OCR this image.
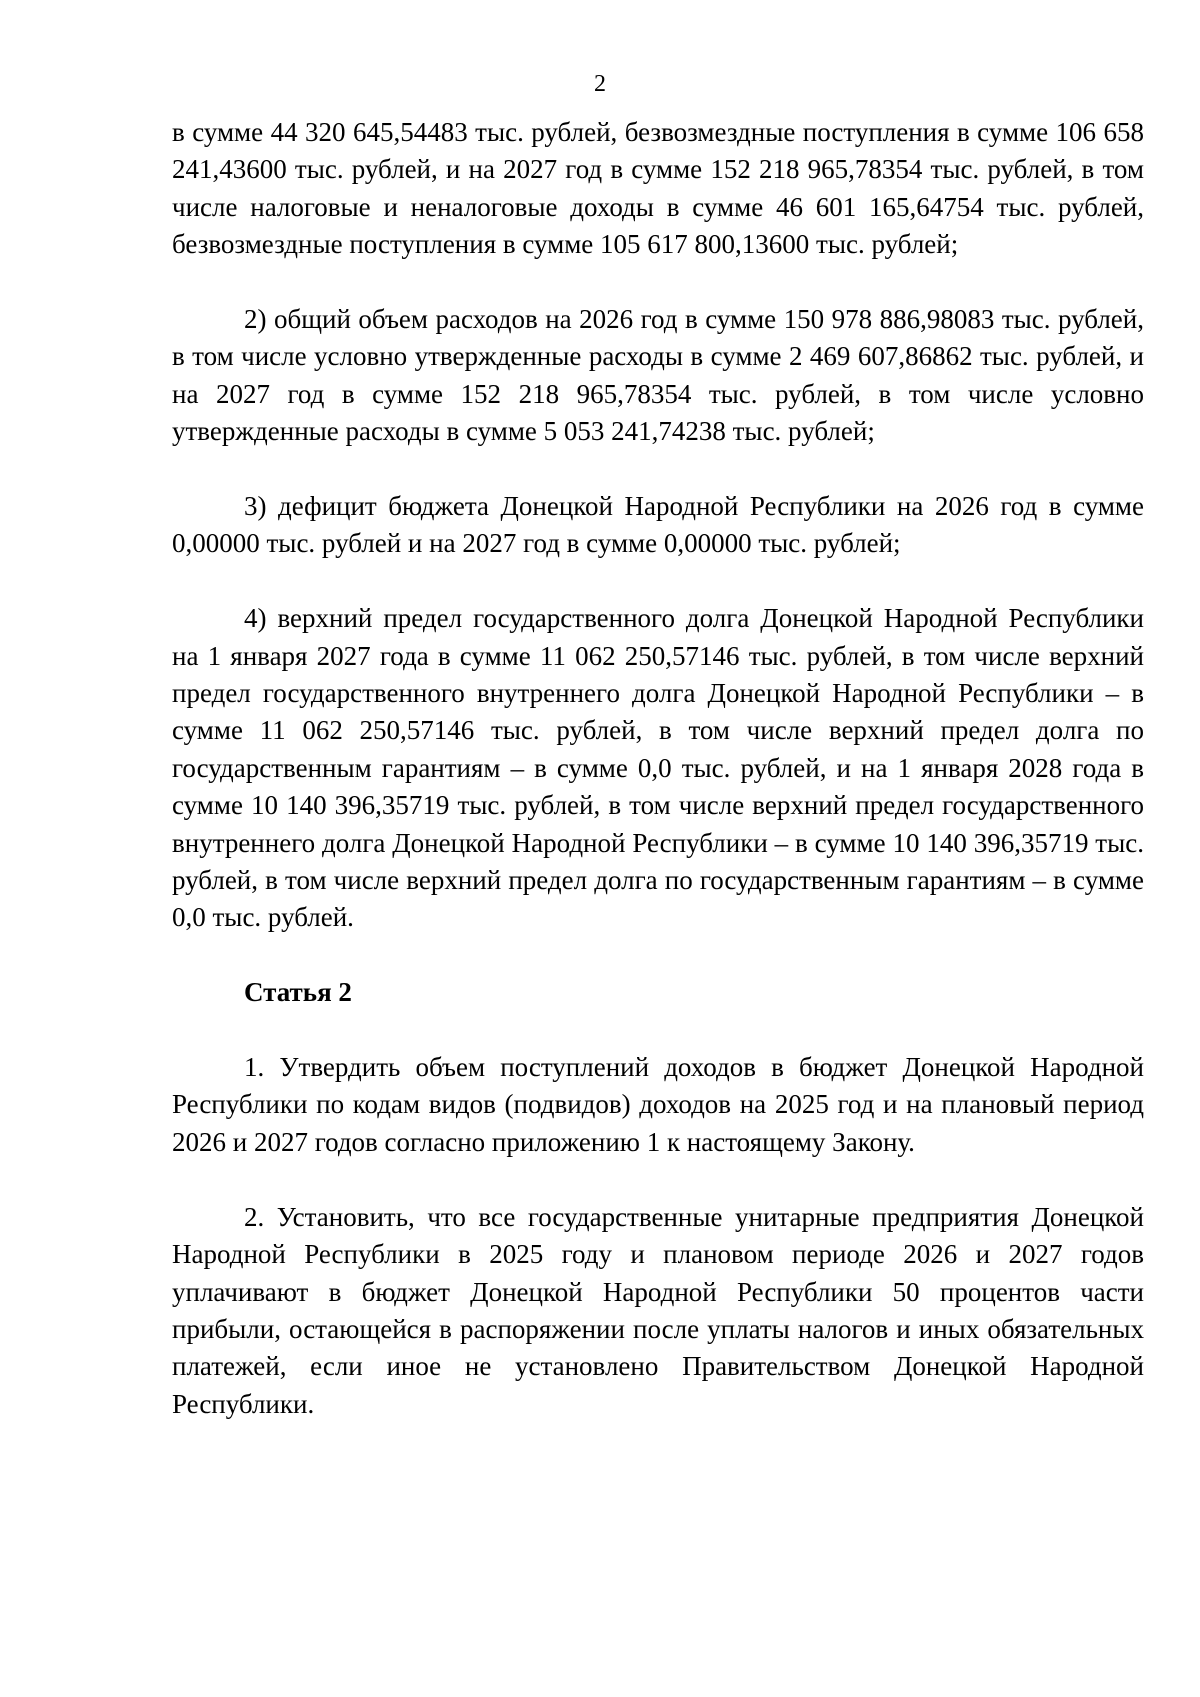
2

в сумме 44 320 645,54483 тыс. рублей, безвозмездные поступления в сумме 106 658 241,43600 тыс. рублей, и на 2027 год в сумме 152 218 965,78354 тыс. рублей, в том числе налоговые и неналоговые доходы в сумме 46 601 165,64754 тыс. рублей, безвозмездные поступления в сумме 105 617 800,13600 тыс. рублей;

2) общий объем расходов на 2026 год в сумме 150 978 886,98083 тыс. рублей, в том числе условно утвержденные расходы в сумме 2 469 607,86862 тыс. рублей, и на 2027 год в сумме 152 218 965,78354 тыс. рублей, в том числе условно утвержденные расходы в сумме 5 053 241,74238 тыс. рублей;

3) дефицит бюджета Донецкой Народной Республики на 2026 год в сумме 0,00000 тыс. рублей и на 2027 год в сумме 0,00000 тыс. рублей;

4) верхний предел государственного долга Донецкой Народной Республики на 1 января 2027 года в сумме 11 062 250,57146 тыс. рублей, в том числе верхний предел государственного внутреннего долга Донецкой Народной Республики – в сумме 11 062 250,57146 тыс. рублей, в том числе верхний предел долга по государственным гарантиям – в сумме 0,0 тыс. рублей, и на 1 января 2028 года в сумме 10 140 396,35719 тыс. рублей, в том числе верхний предел государственного внутреннего долга Донецкой Народной Республики – в сумме 10 140 396,35719 тыс. рублей, в том числе верхний предел долга по государственным гарантиям – в сумме 0,0 тыс. рублей.

Статья 2

1. Утвердить объем поступлений доходов в бюджет Донецкой Народной Республики по кодам видов (подвидов) доходов на 2025 год и на плановый период 2026 и 2027 годов согласно приложению 1 к настоящему Закону.

2. Установить, что все государственные унитарные предприятия Донецкой Народной Республики в 2025 году и плановом периоде 2026 и 2027 годов уплачивают в бюджет Донецкой Народной Республики 50 процентов части прибыли, остающейся в распоряжении после уплаты налогов и иных обязательных платежей, если иное не установлено Правительством Донецкой Народной Республики.
